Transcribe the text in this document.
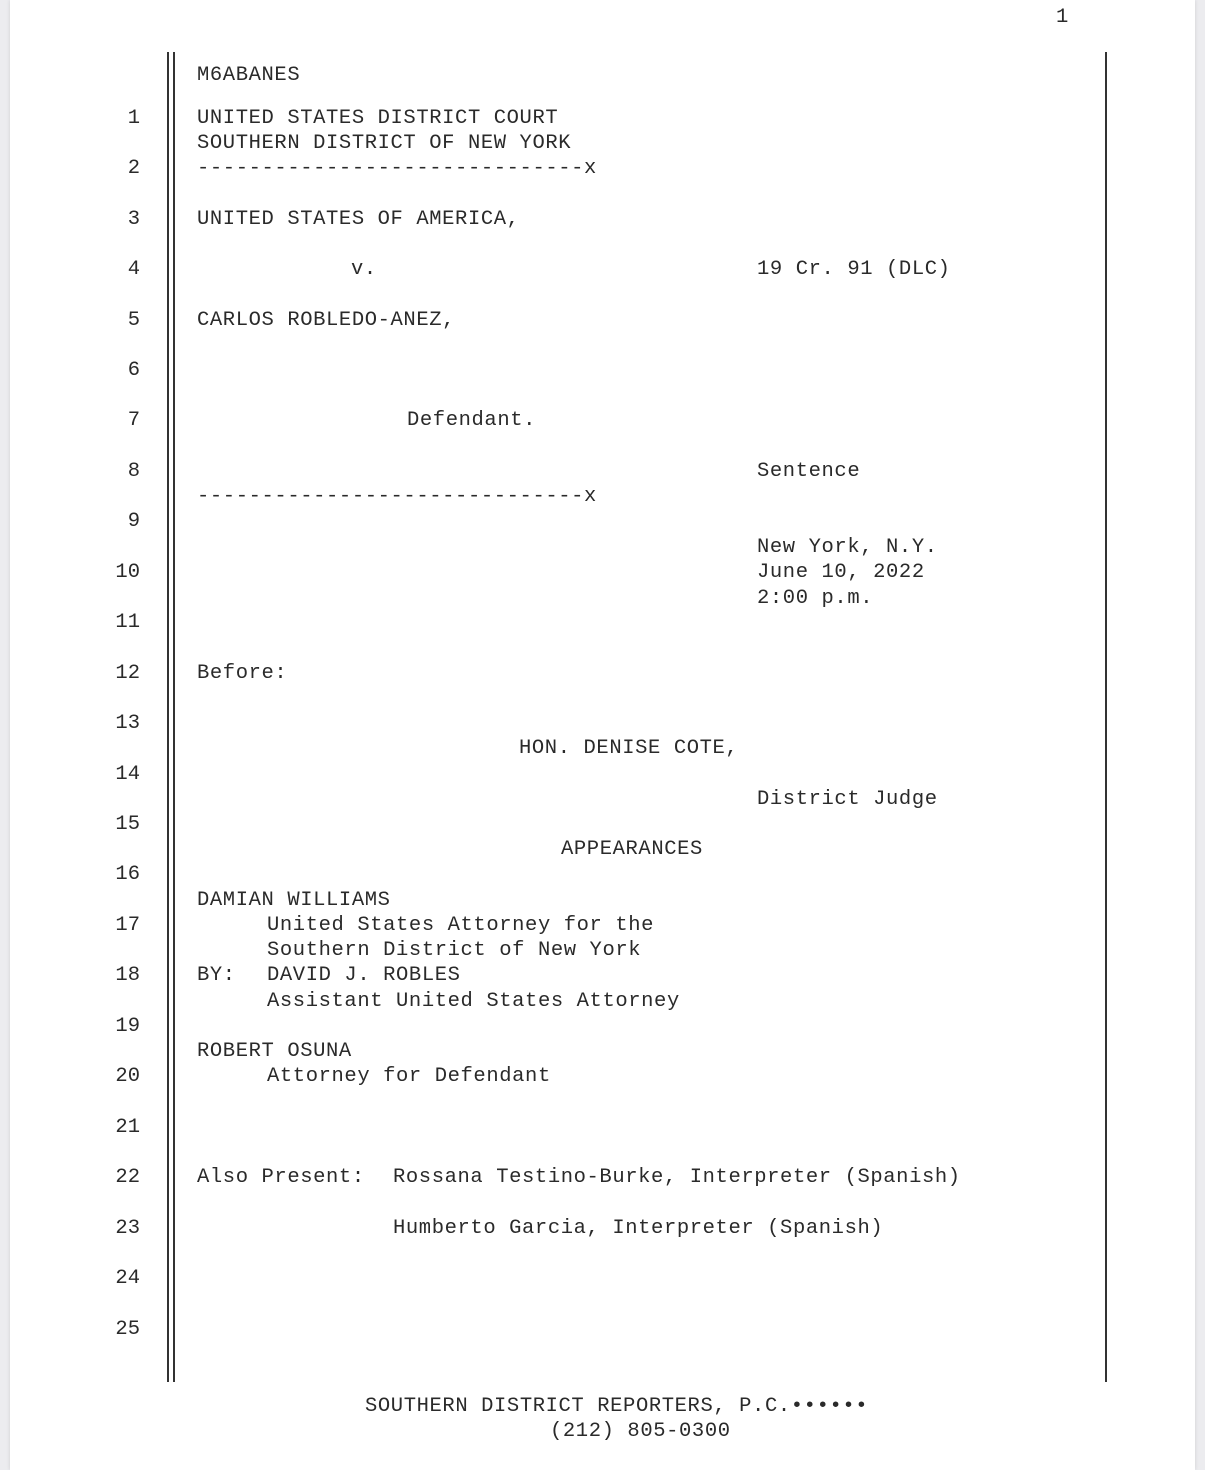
1
1
2
3
4
5
6
7
8
9
10
11
12
13
14
15
16
17
18
19
20
21
22
23
24
25
M6ABANES
UNITED STATES DISTRICT COURT
SOUTHERN DISTRICT OF NEW YORK
------------------------------x
UNITED STATES OF AMERICA,
v.	19 Cr. 91 (DLC)
CARLOS ROBLEDO-ANEZ,
Defendant.
Sentence
------------------------------x
New York, N.Y.
June 10, 2022
2:00 p.m.
Before:
HON. DENISE COTE,
District Judge
APPEARANCES
DAMIAN WILLIAMS
United States Attorney for the
Southern District of New York
BY: DAVID J. ROBLES
Assistant United States Attorney
ROBERT OSUNA
Attorney for Defendant
Also Present: Rossana Testino-Burke, Interpreter (Spanish)
Humberto Garcia, Interpreter (Spanish)
SOUTHERN DISTRICT REPORTERS, P.C.••••••
(212) 805-0300
